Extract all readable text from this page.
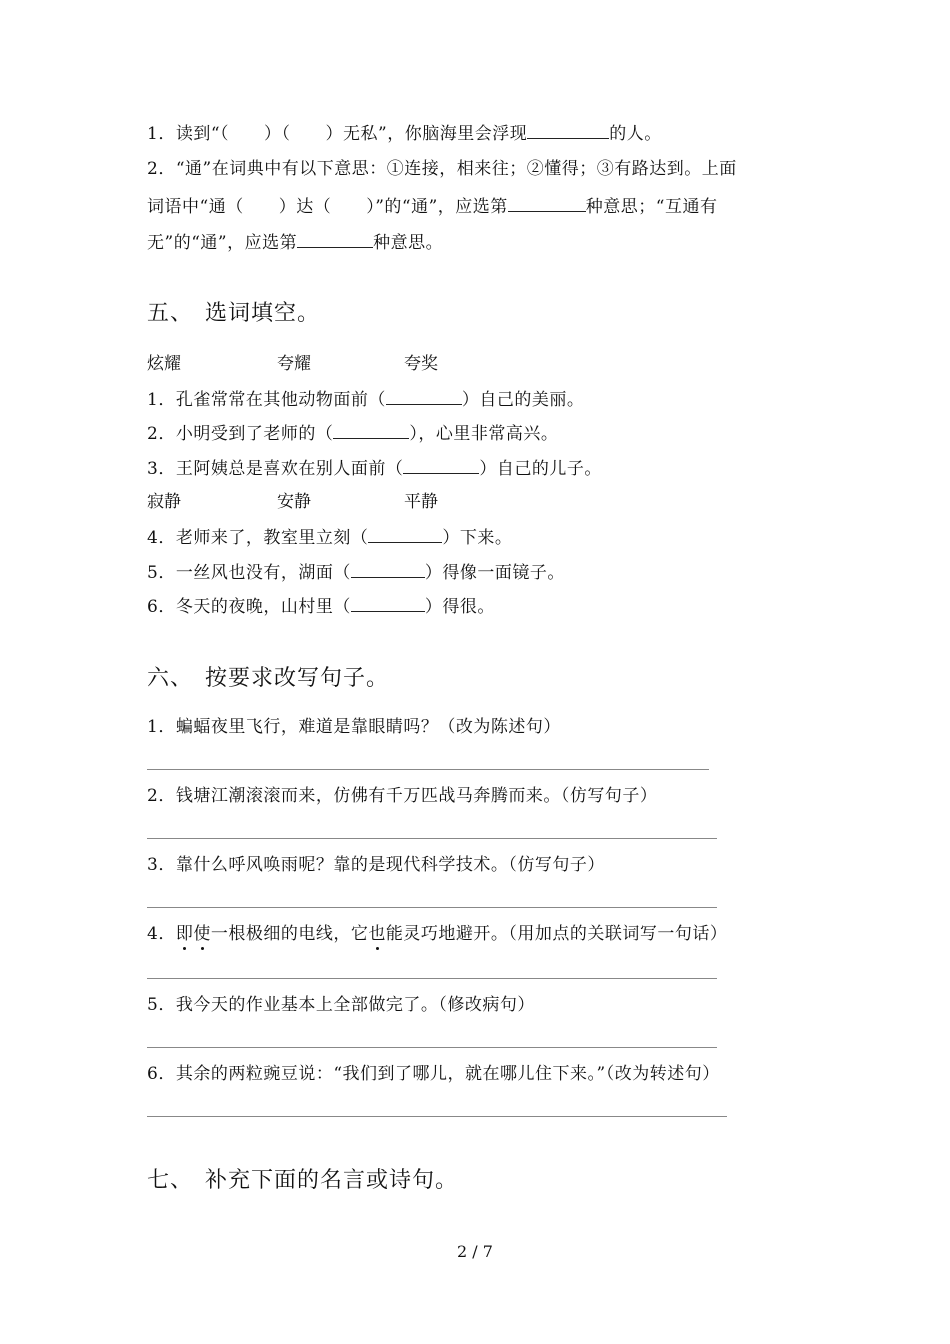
1．读到“（　　）（　　）无私”，你脑海里会浮现	的人。
2．“通”在词典中有以下意思：①连接，相来往；②懂得；③有路达到。上面
词语中“通（　　）达（　　）”的“通”，应选第	种意思；“互通有
无”的“通”，应选第	种意思。
五、　选词填空。
炫耀	夸耀	夸奖
1．孔雀常常在其他动物面前（	）自己的美丽。
2．小明受到了老师的（	），心里非常高兴。
3．王阿姨总是喜欢在别人面前（	）自己的儿子。
寂静	安静	平静
4．老师来了，教室里立刻（	）下来。
5．一丝风也没有，湖面（	）得像一面镜子。
6．冬天的夜晚，山村里（	）得很。
六、　按要求改写句子。
1．蝙蝠夜里飞行，难道是靠眼睛吗？（改为陈述句）
2．钱塘江潮滚滚而来，仿佛有千万匹战马奔腾而来。（仿写句子）
3．靠什么呼风唤雨呢？靠的是现代科学技术。（仿写句子）
4．即使一根极细的电线，它也能灵巧地避开。（用加点的关联词写一句话）
5．我今天的作业基本上全部做完了。（修改病句）
6．其余的两粒豌豆说：“我们到了哪儿，就在哪儿住下来。”（改为转述句）
七、　补充下面的名言或诗句。
2 / 7
